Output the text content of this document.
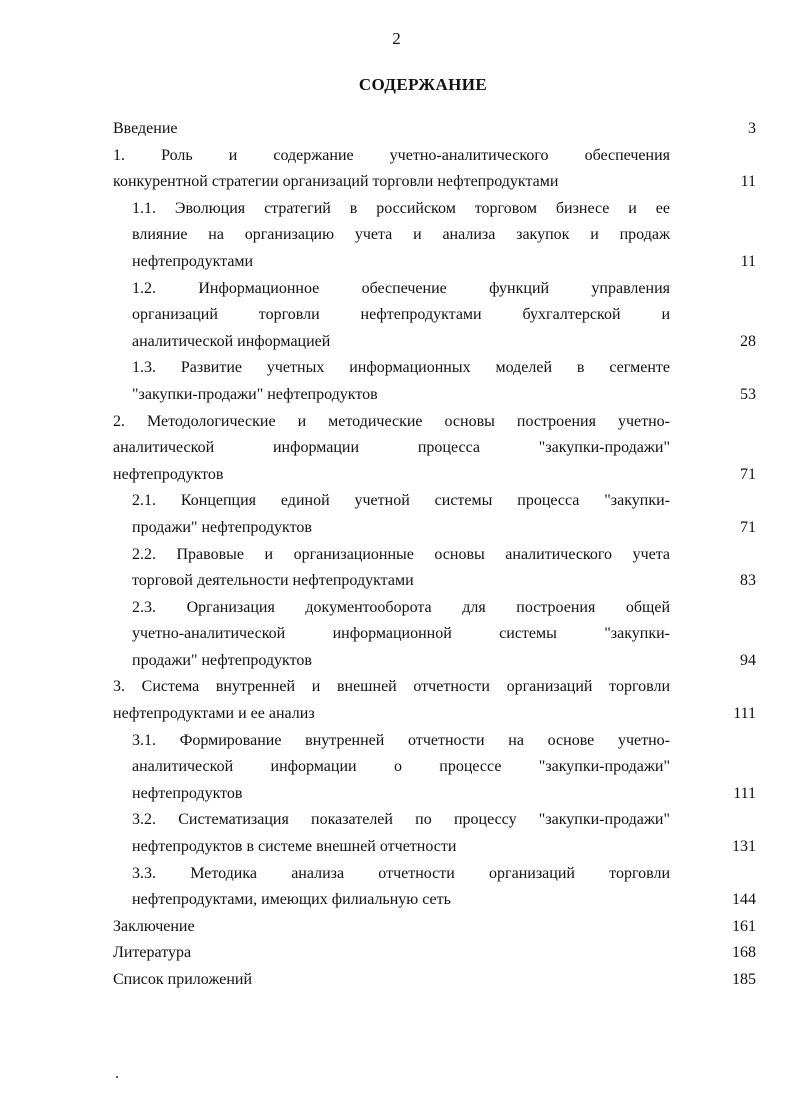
2
СОДЕРЖАНИЕ
Введение	3
1. Роль и содержание учетно-аналитического обеспечения
конкурентной стратегии организаций торговли нефтепродуктами	11
1.1. Эволюция стратегий в российском торговом бизнесе и ее
влияние на организацию учета и анализа закупок и продаж
нефтепродуктами	11
1.2. Информационное обеспечение функций управления
организаций торговли нефтепродуктами бухгалтерской и
аналитической информацией	28
1.3. Развитие учетных информационных моделей в сегменте
"закупки-продажи" нефтепродуктов	53
2. Методологические и методические основы построения учетно-
аналитической информации процесса "закупки-продажи"
нефтепродуктов	71
2.1. Концепция единой учетной системы процесса "закупки-
продажи" нефтепродуктов	71
2.2. Правовые и организационные основы аналитического учета
торговой деятельности нефтепродуктами	83
2.3. Организация документооборота для построения общей
учетно-аналитической информационной системы "закупки-
продажи" нефтепродуктов	94
3. Система внутренней и внешней отчетности организаций торговли
нефтепродуктами и ее анализ	111
3.1. Формирование внутренней отчетности на основе учетно-
аналитической информации о процессе "закупки-продажи"
нефтепродуктов	111
3.2. Систематизация показателей по процессу "закупки-продажи"
нефтепродуктов в системе внешней отчетности	131
3.3. Методика анализа отчетности организаций торговли
нефтепродуктами, имеющих филиальную сеть	144
Заключение	161
Литература	168
Список приложений	185
